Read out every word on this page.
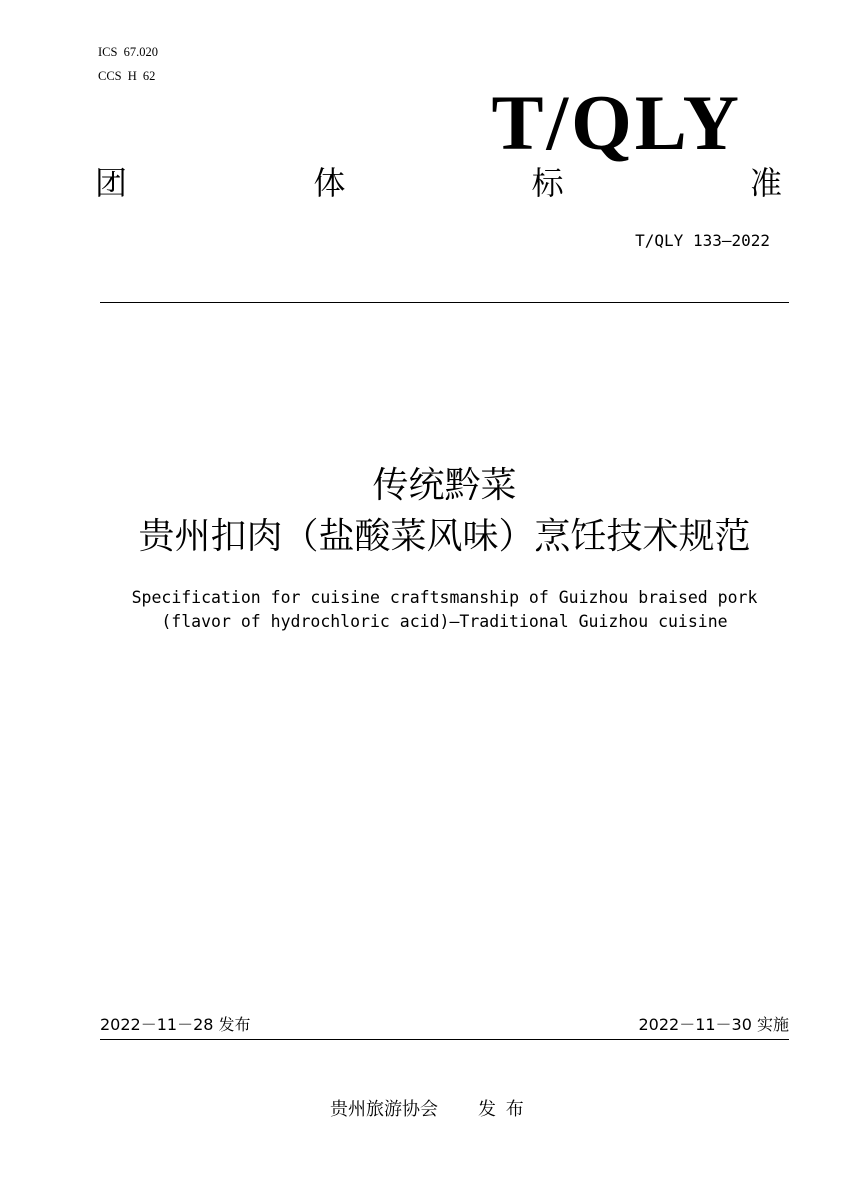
ICS 67.020
CCS H 62
T/QLY
团	体	标	准
T/QLY 133—2022
传统黔菜
贵州扣肉（盐酸菜风味）烹饪技术规范
Specification for cuisine craftsmanship of Guizhou braised pork
(flavor of hydrochloric acid)—Traditional Guizhou cuisine
2022－11－28 发布	2022－11－30 实施
贵州旅游协会 发 布
